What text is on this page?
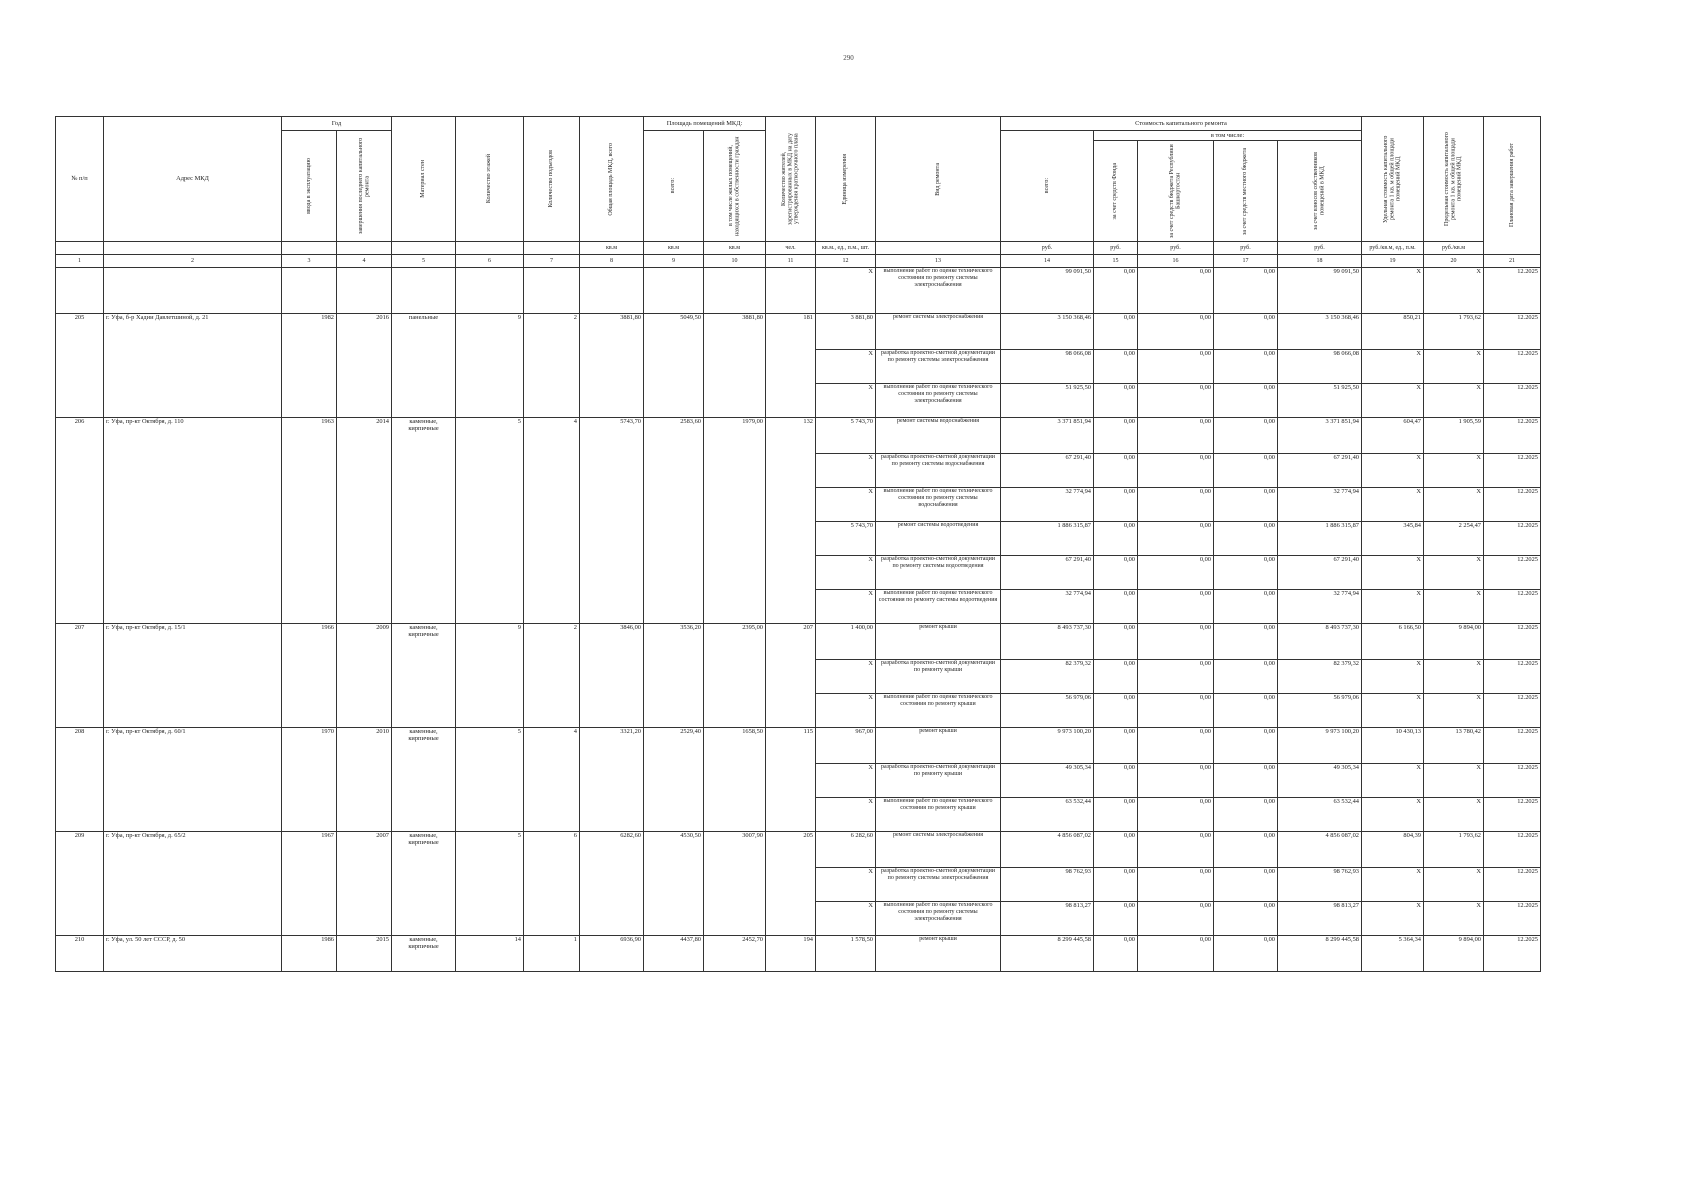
290
№ п/п	Адрес МКД	Год		Материал стен	Количество этажей	Количество подъездов	Общая площадь МКД, всего	Площадь помещений МКД:		Количество жителей, зарегистрированных в МКД на дату утверждения краткосрочного плана	Единица измерения	Вид ремонта	Стоимость капитального ремонта					Удельная стоимость капитального ремонта 1 кв. м общей площади помещений МКД	Предельная стоимость капитального ремонта 1 кв. м общей площади помещений МКД	Плановая дата завершения работ

		ввода в эксплуатацию	завершения последнего капитального ремонта					всего:	в том числе жилых помещений, находящихся в собственности граждан				всего:	в том числе:						

														за счет средств Фонда	за счет средств бюджета Республики Башкортостан	за счет средств местного бюджета	за счет взносов собственников помещений в МКД			

							кв.м	кв.м	кв.м	чел.	кв.м., ед., п.м., шт.		руб.	руб.	руб.	руб.	руб.	руб./кв.м, ед., п.м.	руб./кв.м	
1	2	3	4	5	6	7	8	9	10	11	12	13	14	15	16	17	18	19	20	21
											X	выполнение работ по оценке технического состояния по ремонту системы электроснабжения	99 091,50	0,00	0,00	0,00	99 091,50	X	X	12.2025
205	г. Уфа, б-р Хадии Давлетшиной, д. 21	1982	2016	панельные	9	2	3881,80	5049,50	3881,80	181	3 881,80	ремонт системы электроснабжения	3 150 368,46	0,00	0,00	0,00	3 150 368,46	850,21	1 793,62	12.2025
											X	разработка проектно-сметной документации по ремонту системы электроснабжения	98 066,08	0,00	0,00	0,00	98 066,08	X	X	12.2025
											X	выполнение работ по оценке технического состояния по ремонту системы электроснабжения	51 925,50	0,00	0,00	0,00	51 925,50	X	X	12.2025
206	г. Уфа, пр-кт Октября, д. 110	1963	2014	каменные, кирпичные	5	4	5743,70	2583,60	1979,00	132	5 743,70	ремонт системы водоснабжения	3 371 851,94	0,00	0,00	0,00	3 371 851,94	604,47	1 905,59	12.2025
											X	разработка проектно-сметной документации по ремонту системы водоснабжения	67 291,40	0,00	0,00	0,00	67 291,40	X	X	12.2025
											X	выполнение работ по оценке технического состояния по ремонту системы водоснабжения	32 774,94	0,00	0,00	0,00	32 774,94	X	X	12.2025
											5 743,70	ремонт системы водоотведения	1 886 315,87	0,00	0,00	0,00	1 886 315,87	345,84	2 254,47	12.2025
											X	разработка проектно-сметной документации по ремонту системы водоотведения	67 291,40	0,00	0,00	0,00	67 291,40	X	X	12.2025
											X	выполнение работ по оценке технического состояния по ремонту системы водоотведения	32 774,94	0,00	0,00	0,00	32 774,94	X	X	12.2025
207	г. Уфа, пр-кт Октября, д. 15/1	1966	2009	каменные, кирпичные	9	2	3846,00	3536,20	2395,00	207	1 400,00	ремонт крыши	8 493 737,30	0,00	0,00	0,00	8 493 737,30	6 166,50	9 894,00	12.2025
											X	разработка проектно-сметной документации по ремонту крыши	82 379,32	0,00	0,00	0,00	82 379,32	X	X	12.2025
											X	выполнение работ по оценке технического состояния по ремонту крыши	56 979,06	0,00	0,00	0,00	56 979,06	X	X	12.2025
208	г. Уфа, пр-кт Октября, д. 60/1	1970	2010	каменные, кирпичные	5	4	3321,20	2529,40	1658,50	115	967,00	ремонт крыши	9 973 100,20	0,00	0,00	0,00	9 973 100,20	10 430,13	13 780,42	12.2025
											X	разработка проектно-сметной документации по ремонту крыши	49 305,34	0,00	0,00	0,00	49 305,34	X	X	12.2025
											X	выполнение работ по оценке технического состояния по ремонту крыши	63 532,44	0,00	0,00	0,00	63 532,44	X	X	12.2025
209	г. Уфа, пр-кт Октября, д. 65/2	1967	2007	каменные, кирпичные	5	6	6282,60	4530,50	3007,90	205	6 282,60	ремонт системы электроснабжения	4 856 087,02	0,00	0,00	0,00	4 856 087,02	804,39	1 793,62	12.2025
											X	разработка проектно-сметной документации по ремонту системы электроснабжения	98 762,93	0,00	0,00	0,00	98 762,93	X	X	12.2025
											X	выполнение работ по оценке технического состояния по ремонту системы электроснабжения	98 813,27	0,00	0,00	0,00	98 813,27	X	X	12.2025
210	г. Уфа, ул. 50 лет СССР, д. 50	1986	2015	каменные, кирпичные	14	1	6936,90	4437,80	2452,70	194	1 578,50	ремонт крыши	8 299 445,58	0,00	0,00	0,00	8 299 445,58	5 364,34	9 894,00	12.2025
